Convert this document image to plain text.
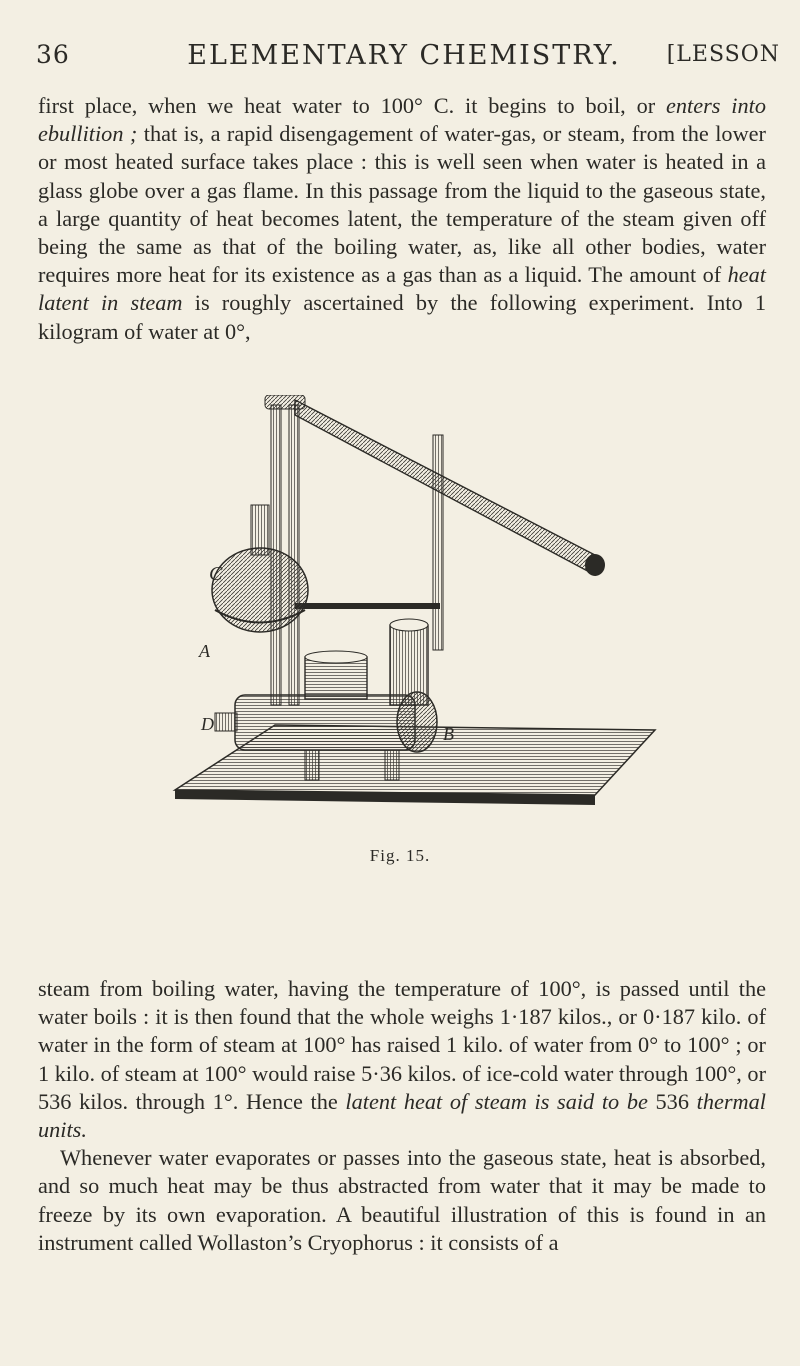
36	ELEMENTARY CHEMISTRY.	[LESSON

first place, when we heat water to 100° C. it begins to boil, or enters into ebullition ; that is, a rapid disengagement of water-gas, or steam, from the lower or most heated surface takes place : this is well seen when water is heated in a glass globe over a gas flame. In this passage from the liquid to the gaseous state, a large quantity of heat becomes latent, the temperature of the steam given off being the same as that of the boiling water, as, like all other bodies, water requires more heat for its existence as a gas than as a liquid. The amount of heat latent in steam is roughly ascertained by the following experiment. Into 1 kilogram of water at 0°,

C
A
D	B
Fig. 15.

steam from boiling water, having the temperature of 100°, is passed until the water boils : it is then found that the whole weighs 1·187 kilos., or 0·187 kilo. of water in the form of steam at 100° has raised 1 kilo. of water from 0° to 100° ; or 1 kilo. of steam at 100° would raise 5·36 kilos. of ice-cold water through 100°, or 536 kilos. through 1°. Hence the latent heat of steam is said to be 536 thermal units.

Whenever water evaporates or passes into the gaseous state, heat is absorbed, and so much heat may be thus abstracted from water that it may be made to freeze by its own evaporation. A beautiful illustration of this is found in an instrument called Wollaston’s Cryophorus : it consists of a
